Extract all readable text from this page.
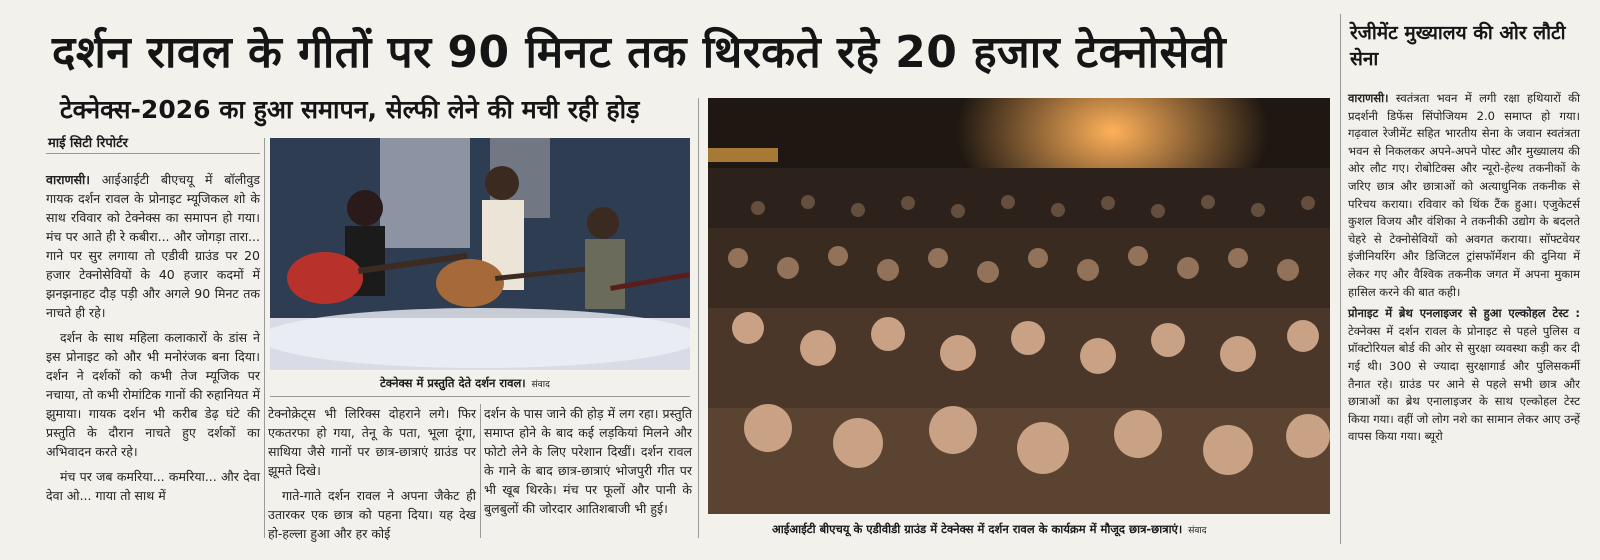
दर्शन रावल के गीतों पर 90 मिनट तक थिरकते रहे 20 हजार टेक्नोसेवी
टेक्नेक्स-2026 का हुआ समापन, सेल्फी लेने की मची रही होड़
माई सिटी रिपोर्टर

वाराणसी। आईआईटी बीएचयू में बॉलीवुड गायक दर्शन रावल के प्रोनाइट म्यूजिकल शो के साथ रविवार को टेक्नेक्स का समापन हो गया। मंच पर आते ही रे कबीरा... और जोगड़ा तारा... गाने पर सुर लगाया तो एडीवी ग्राउंड पर 20 हजार टेक्नोसेवियों के 40 हजार कदमों में झनझनाहट दौड़ पड़ी और अगले 90 मिनट तक नाचते ही रहे।

दर्शन के साथ महिला कलाकारों के डांस ने इस प्रोनाइट को और भी मनोरंजक बना दिया। दर्शन ने दर्शकों को कभी तेज म्यूजिक पर नचाया, तो कभी रोमांटिक गानों की रुहानियत में झुमाया। गायक दर्शन भी करीब डेढ़ घंटे की प्रस्तुति के दौरान नाचते हुए दर्शकों का अभिवादन करते रहे।

मंच पर जब कमरिया... कमरिया... और देवा देवा ओ... गाया तो साथ में

टेक्नेक्स में प्रस्तुति देते दर्शन रावल। संवाद

टेक्नोक्रेट्स भी लिरिक्स दोहराने लगे। फिर एकतरफा हो गया, तेनू के पता, भूला दूंगा, साथिया जैसे गानों पर छात्र-छात्राएं ग्राउंड पर झूमते दिखे।

गाते-गाते दर्शन रावल ने अपना जैकेट ही उतारकर एक छात्र को पहना दिया। यह देख हो-हल्ला हुआ और हर कोई

दर्शन के पास जाने की होड़ में लग रहा। प्रस्तुति समाप्त होने के बाद कई लड़कियां मिलने और फोटो लेने के लिए परेशान दिखीं। दर्शन रावल के गाने के बाद छात्र-छात्राएं भोजपुरी गीत पर भी खूब थिरके। मंच पर फूलों और पानी के बुलबुलों की जोरदार आतिशबाजी भी हुई।

आईआईटी बीएचयू के एडीवीडी ग्राउंड में टेक्नेक्स में दर्शन रावल के कार्यक्रम में मौजूद छात्र-छात्राएं। संवाद
रेजीमेंट मुख्यालय की ओर लौटी सेना

वाराणसी। स्वतंत्रता भवन में लगी रक्षा हथियारों की प्रदर्शनी डिफेंस सिंपोजियम 2.0 समाप्त हो गया। गढ़वाल रेजीमेंट सहित भारतीय सेना के जवान स्वतंत्रता भवन से निकलकर अपने-अपने पोस्ट और मुख्यालय की ओर लौट गए। रोबोटिक्स और न्यूरो-हेल्थ तकनीकों के जरिए छात्र और छात्राओं को अत्याधुनिक तकनीक से परिचय कराया। रविवार को थिंक टैंक हुआ। एजुकेटर्स कुशल विजय और वंशिका ने तकनीकी उद्योग के बदलते चेहरे से टेक्नोसेवियों को अवगत कराया। सॉफ्टवेयर इंजीनियरिंग और डिजिटल ट्रांसफॉर्मेशन की दुनिया में लेकर गए और वैश्विक तकनीक जगत में अपना मुकाम हासिल करने की बात कही।

प्रोनाइट में ब्रेथ एनलाइजर से हुआ एल्कोहल टेस्ट : टेक्नेक्स में दर्शन रावल के प्रोनाइट से पहले पुलिस व प्रॉक्टोरियल बोर्ड की ओर से सुरक्षा व्यवस्था कड़ी कर दी गई थी। 300 से ज्यादा सुरक्षागार्ड और पुलिसकर्मी तैनात रहे। ग्राउंड पर आने से पहले सभी छात्र और छात्राओं का ब्रेथ एनालाइजर के साथ एल्कोहल टेस्ट किया गया। वहीं जो लोग नशे का सामान लेकर आए उन्हें वापस किया गया। ब्यूरो
